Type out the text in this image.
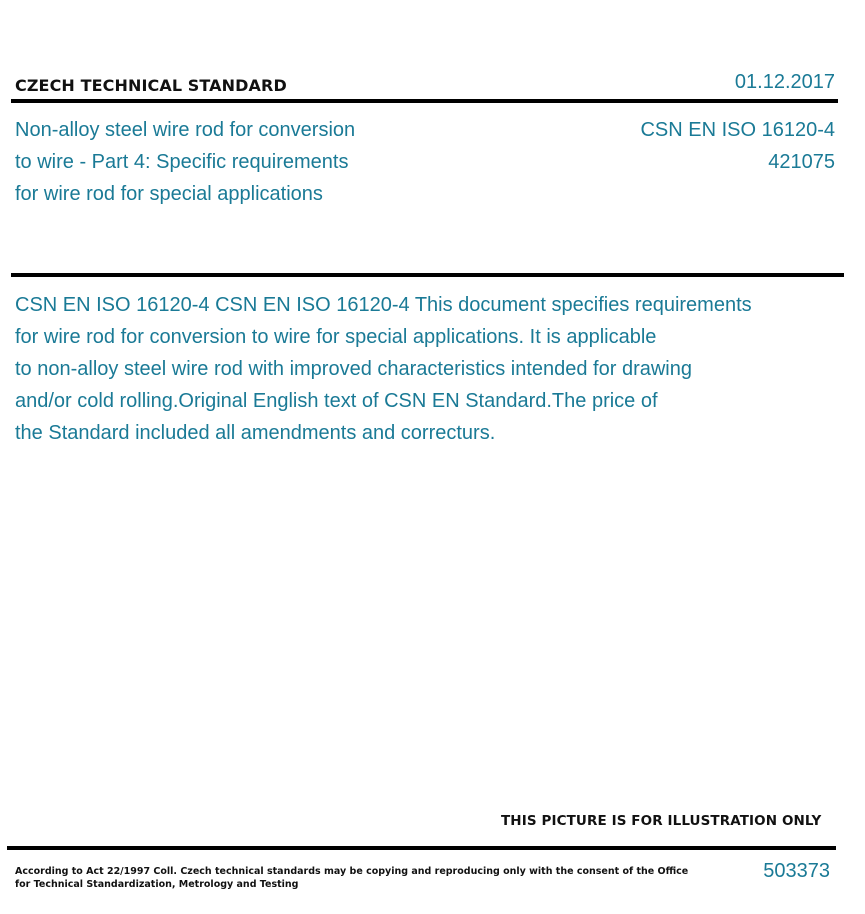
CZECH TECHNICAL STANDARD	01.12.2017
Non-alloy steel wire rod for conversion
to wire - Part 4: Specific requirements
for wire rod for special applications
CSN EN ISO 16120-4
421075
CSN EN ISO 16120-4 CSN EN ISO 16120-4 This document specifies requirements
for wire rod for conversion to wire for special applications. It is applicable
to non-alloy steel wire rod with improved characteristics intended for drawing
and/or cold rolling.Original English text of CSN EN Standard.The price of
the Standard included all amendments and correcturs.
THIS PICTURE IS FOR ILLUSTRATION ONLY
According to Act 22/1997 Coll. Czech technical standards may be copying and reproducing only with the consent of the Office
for Technical Standardization, Metrology and Testing
503373
